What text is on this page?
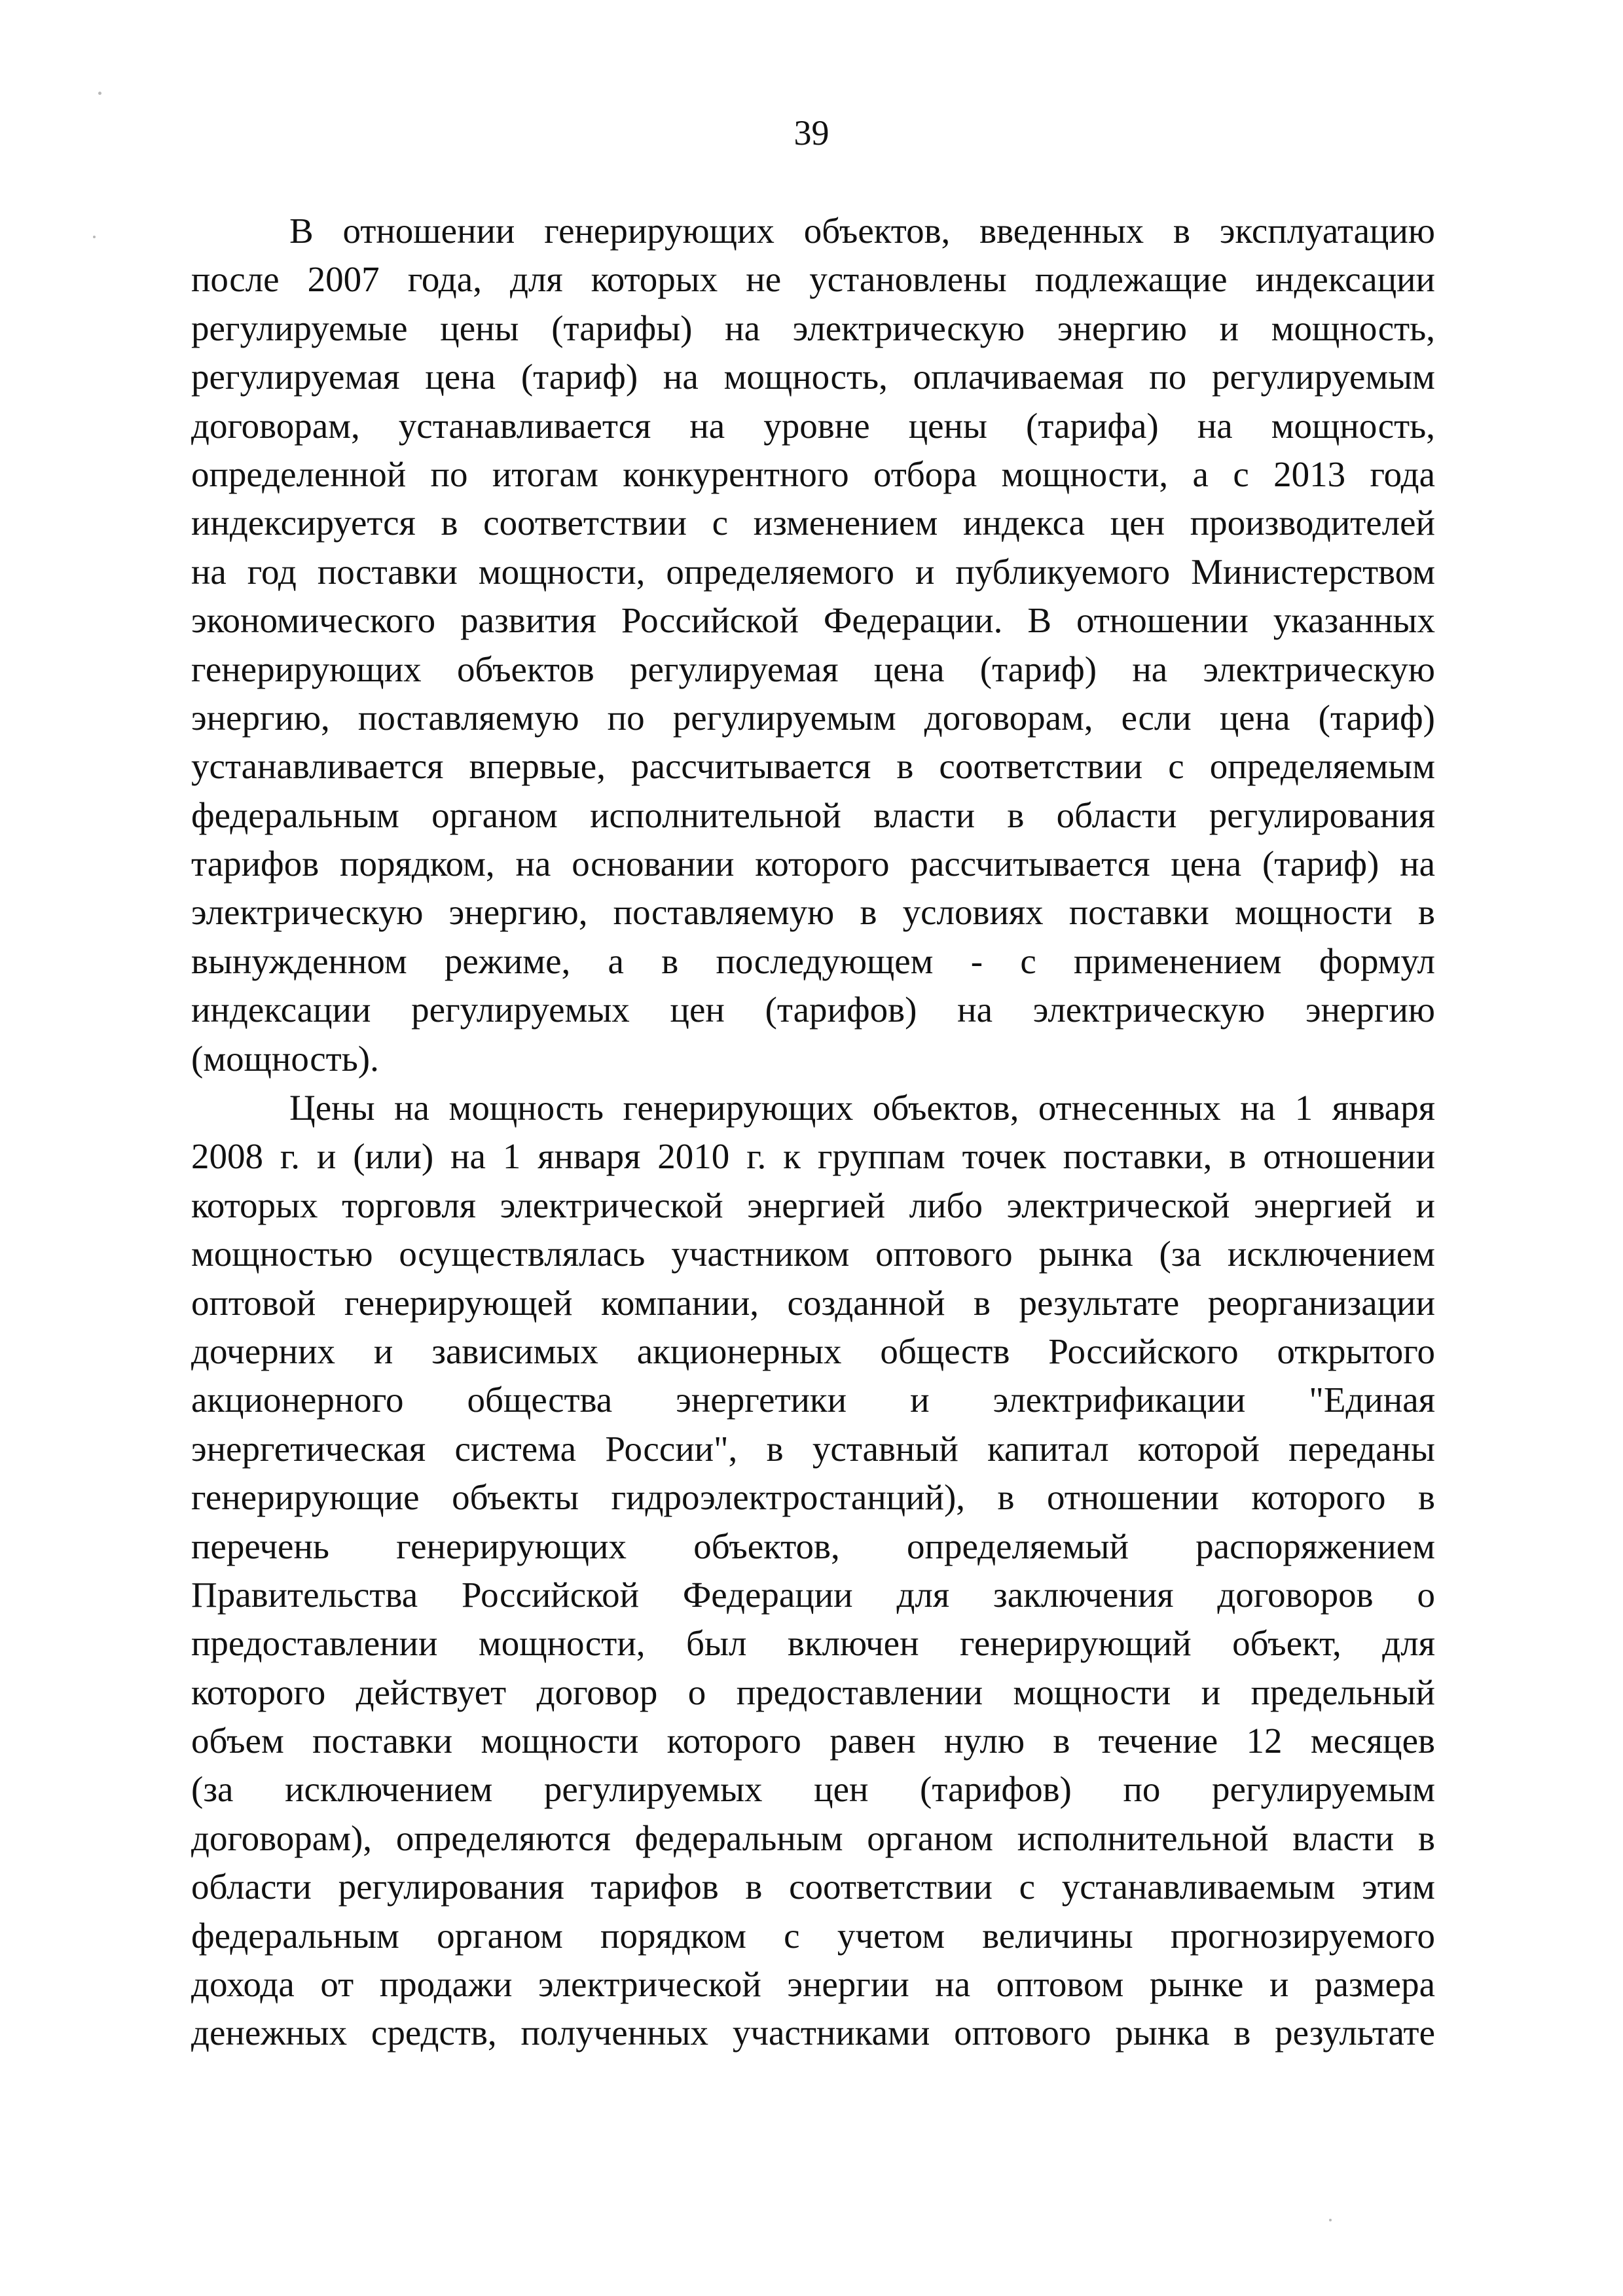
39
В отношении генерирующих объектов, введенных в эксплуатацию
после 2007 года, для которых не установлены подлежащие индексации
регулируемые цены (тарифы) на электрическую энергию и мощность,
регулируемая цена (тариф) на мощность, оплачиваемая по регулируемым
договорам, устанавливается на уровне цены (тарифа) на мощность,
определенной по итогам конкурентного отбора мощности, а с 2013 года
индексируется в соответствии с изменением индекса цен производителей
на год поставки мощности, определяемого и публикуемого Министерством
экономического развития Российской Федерации. В отношении указанных
генерирующих объектов регулируемая цена (тариф) на электрическую
энергию, поставляемую по регулируемым договорам, если цена (тариф)
устанавливается впервые, рассчитывается в соответствии с определяемым
федеральным органом исполнительной власти в области регулирования
тарифов порядком, на основании которого рассчитывается цена (тариф) на
электрическую энергию, поставляемую в условиях поставки мощности в
вынужденном режиме, а в последующем - с применением формул
индексации регулируемых цен (тарифов) на электрическую энергию
(мощность).
Цены на мощность генерирующих объектов, отнесенных на 1 января
2008 г. и (или) на 1 января 2010 г. к группам точек поставки, в отношении
которых торговля электрической энергией либо электрической энергией и
мощностью осуществлялась участником оптового рынка (за исключением
оптовой генерирующей компании, созданной в результате реорганизации
дочерних и зависимых акционерных обществ Российского открытого
акционерного общества энергетики и электрификации "Единая
энергетическая система России", в уставный капитал которой переданы
генерирующие объекты гидроэлектростанций), в отношении которого в
перечень генерирующих объектов, определяемый распоряжением
Правительства Российской Федерации для заключения договоров о
предоставлении мощности, был включен генерирующий объект, для
которого действует договор о предоставлении мощности и предельный
объем поставки мощности которого равен нулю в течение 12 месяцев
(за исключением регулируемых цен (тарифов) по регулируемым
договорам), определяются федеральным органом исполнительной власти в
области регулирования тарифов в соответствии с устанавливаемым этим
федеральным органом порядком с учетом величины прогнозируемого
дохода от продажи электрической энергии на оптовом рынке и размера
денежных средств, полученных участниками оптового рынка в результате
